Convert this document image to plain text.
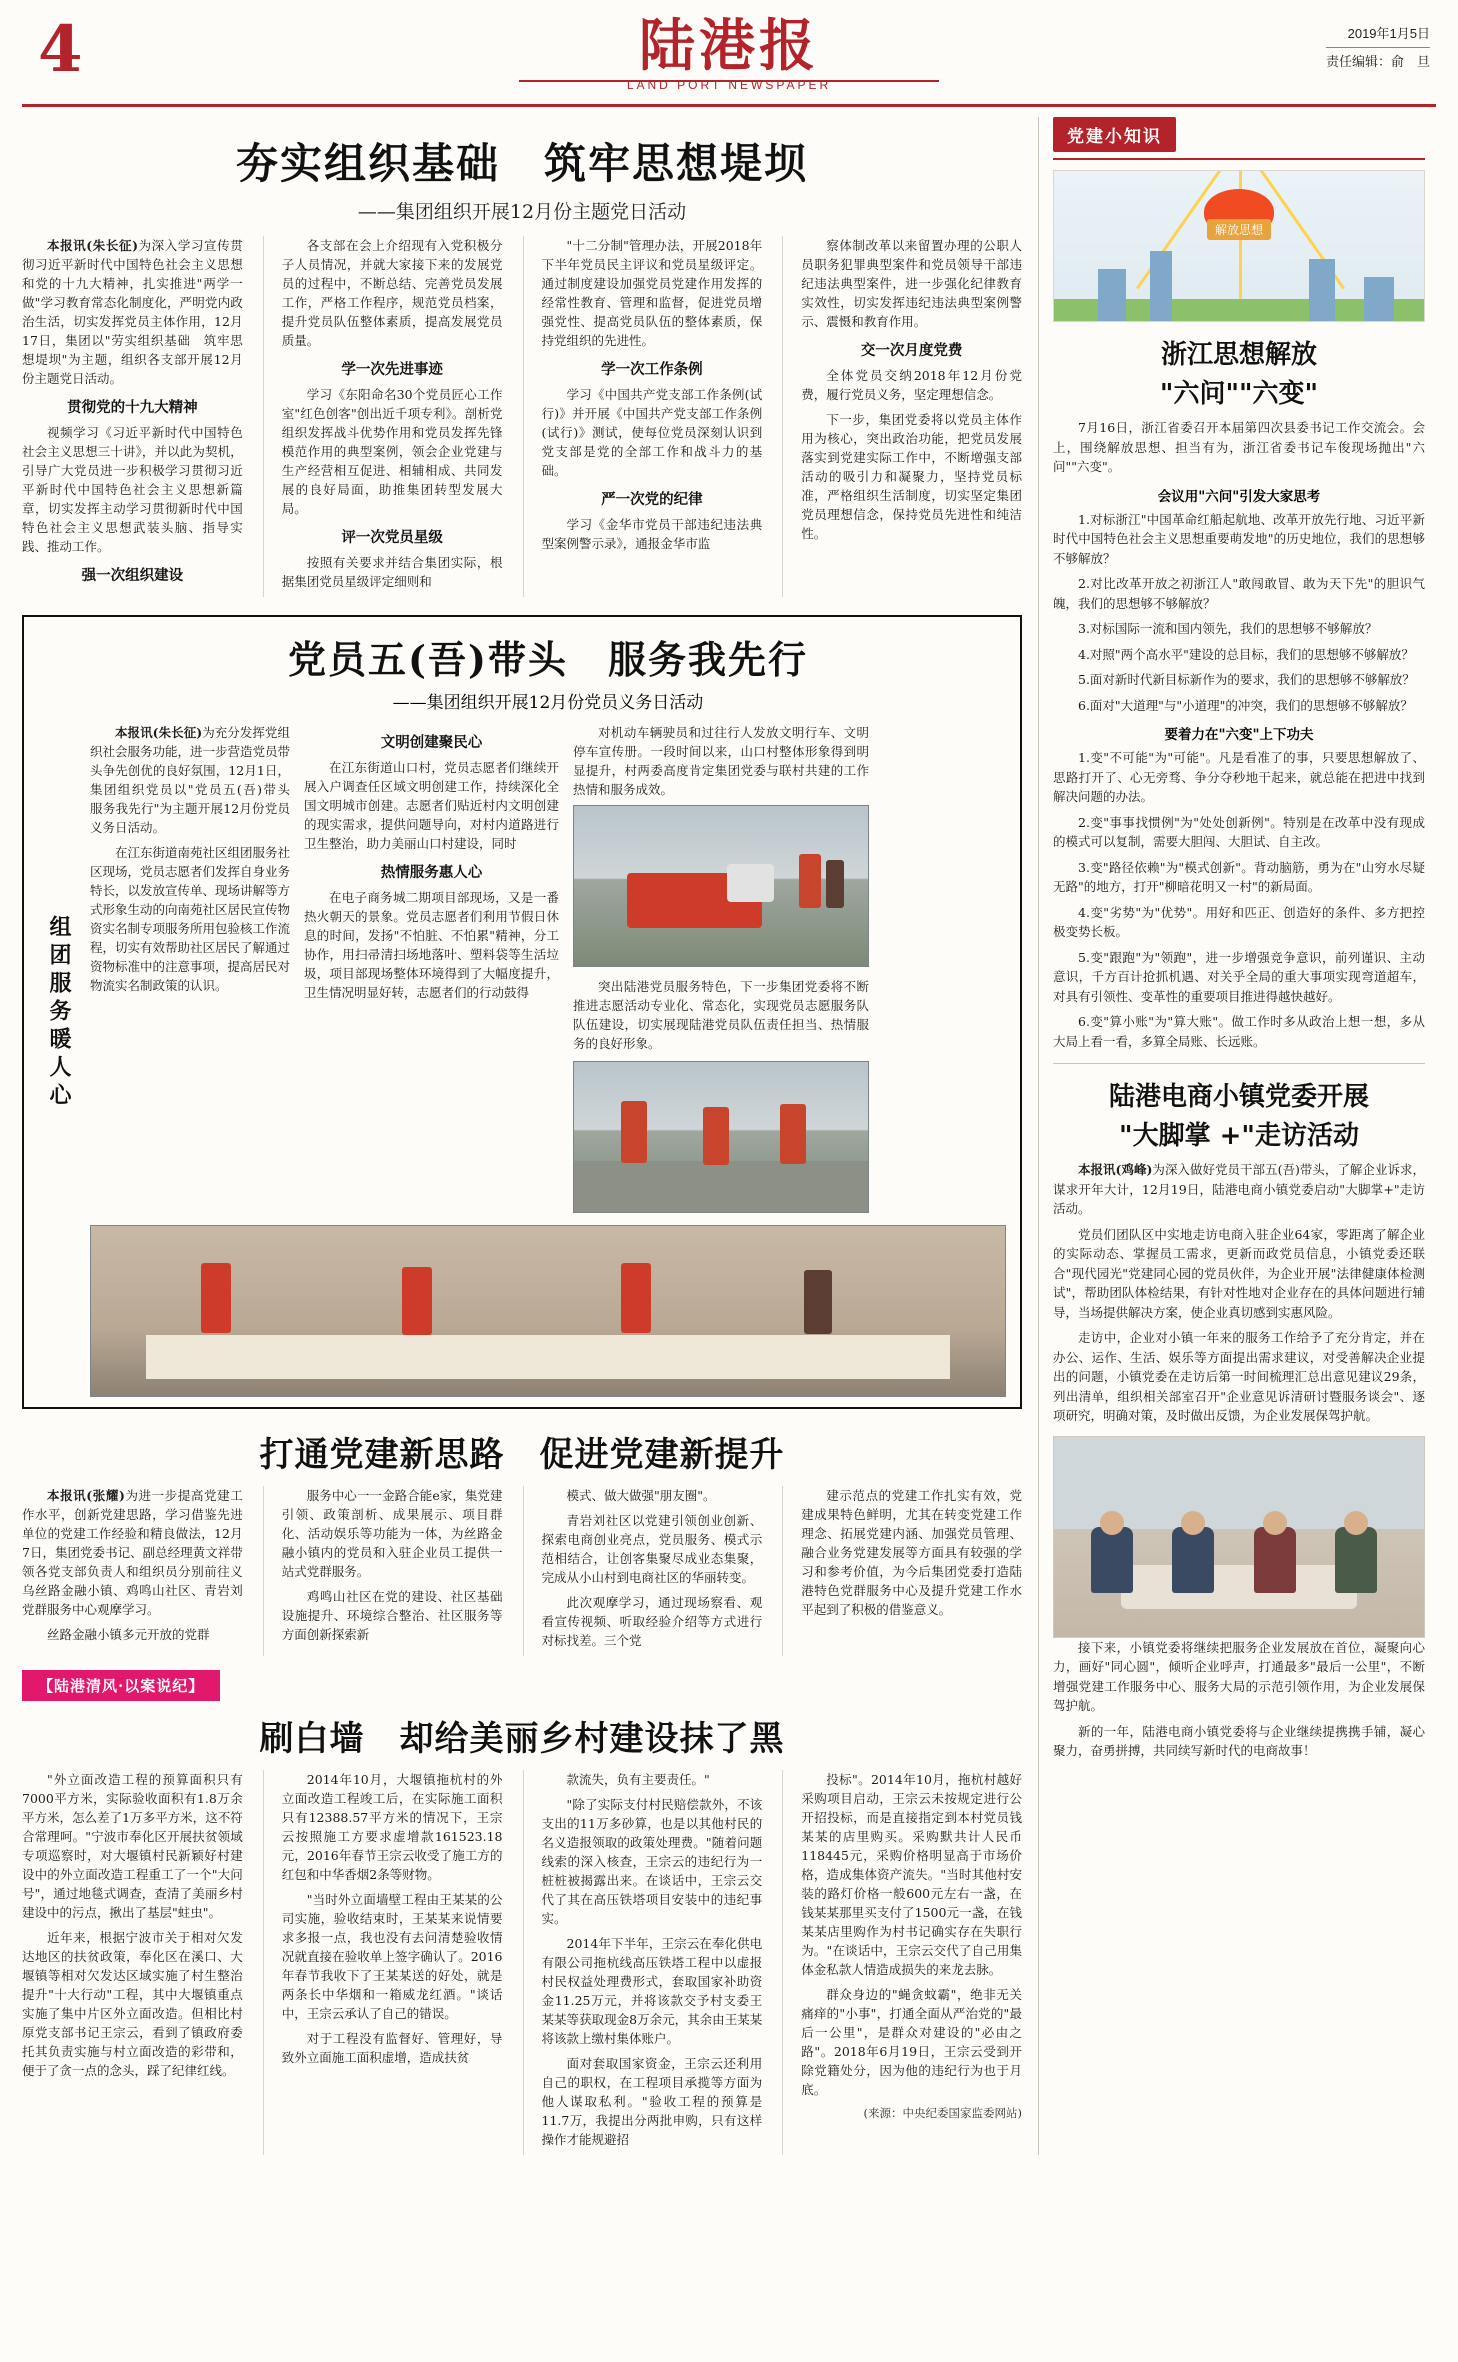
4	陆港报
LAND PORT NEWSPAPER
2019年1月5日
责任编辑：俞　旦
夯实组织基础　筑牢思想堤坝
——集团组织开展12月份主题党日活动

本报讯(朱长征)为深入学习宣传贯彻习近平新时代中国特色社会主义思想和党的十九大精神，扎实推进"两学一做"学习教育常态化制度化，严明党内政治生活，切实发挥党员主体作用，12月17日，集团以"劳实组织基础　筑牢思想堤坝"为主题，组织各支部开展12月份主题党日活动。

贯彻党的十九大精神

视频学习《习近平新时代中国特色社会主义思想三十讲》，并以此为契机，引导广大党员进一步积极学习贯彻习近平新时代中国特色社会主义思想新篇章，切实发挥主动学习贯彻新时代中国特色社会主义思想武装头脑、指导实践、推动工作。

强一次组织建设

各支部在会上介绍现有入党积极分子人员情况，并就大家接下来的发展党员的过程中，不断总结、完善党员发展工作，严格工作程序，规范党员档案，提升党员队伍整体素质，提高发展党员质量。

学一次先进事迹

学习《东阳命名30个党员匠心工作室"红色创客"创出近千项专利》。剖析党组织发挥战斗优势作用和党员发挥先锋模范作用的典型案例，领会企业党建与生产经营相互促进、相辅相成、共同发展的良好局面，助推集团转型发展大局。

评一次党员星级

按照有关要求并结合集团实际，根据集团党员星级评定细则和

"十二分制"管理办法，开展2018年下半年党员民主评议和党员星级评定。通过制度建设加强党员党建作用发挥的经常性教育、管理和监督，促进党员增强党性、提高党员队伍的整体素质，保持党组织的先进性。

学一次工作条例

学习《中国共产党支部工作条例(试行)》并开展《中国共产党支部工作条例(试行)》测试，使每位党员深刻认识到党支部是党的全部工作和战斗力的基础。

严一次党的纪律

学习《金华市党员干部违纪违法典型案例警示录》，通报金华市监

察体制改革以来留置办理的公职人员职务犯罪典型案件和党员领导干部违纪违法典型案件，进一步强化纪律教育实效性，切实发挥违纪违法典型案例警示、震慑和教育作用。

交一次月度党费

全体党员交纳2018年12月份党费，履行党员义务，坚定理想信念。

下一步，集团党委将以党员主体作用为核心，突出政治功能，把党员发展落实到党建实际工作中，不断增强支部活动的吸引力和凝聚力，坚持党员标准，严格组织生活制度，切实坚定集团党员理想信念，保持党员先进性和纯洁性。

组团服务暖人心
党员五(吾)带头　服务我先行
——集团组织开展12月份党员义务日活动

本报讯(朱长征)为充分发挥党组织社会服务功能，进一步营造党员带头争先创优的良好氛围，12月1日，集团组织党员以"党员五(吾)带头　服务我先行"为主题开展12月份党员义务日活动。

在江东街道南苑社区组团服务社区现场，党员志愿者们发挥自身业务特长，以发放宣传单、现场讲解等方式形象生动的向南苑社区居民宣传物资实名制专项服务所用包验核工作流程，切实有效帮助社区居民了解通过资物标准中的注意事项，提高居民对物流实名制政策的认识。

文明创建聚民心

在江东街道山口村，党员志愿者们继续开展入户调查任区域文明创建工作，持续深化全国文明城市创建。志愿者们贴近村内文明创建的现实需求，提供问题导向，对村内道路进行卫生整治，助力美丽山口村建设，同时

热情服务惠人心

在电子商务城二期项目部现场，又是一番热火朝天的景象。党员志愿者们利用节假日休息的时间，发扬"不怕脏、不怕累"精神，分工协作，用扫帚清扫场地落叶、塑料袋等生活垃圾，项目部现场整体环境得到了大幅度提升，卫生情况明显好转，志愿者们的行动鼓得

对机动车辆驶员和过往行人发放文明行车、文明停车宣传册。一段时间以来，山口村整体形象得到明显提升，村两委高度肯定集团党委与联村共建的工作热情和服务成效。

突出陆港党员服务特色，下一步集团党委将不断推进志愿活动专业化、常态化，实现党员志愿服务队队伍建设，切实展现陆港党员队伍责任担当、热情服务的良好形象。

打通党建新思路　促进党建新提升

本报讯(张耀)为进一步提高党建工作水平，创新党建思路，学习借鉴先进单位的党建工作经验和精良做法，12月7日，集团党委书记、副总经理黄文祥带领各党支部负责人和组织员分别前往义乌丝路金融小镇、鸡鸣山社区、青岩刘党群服务中心观摩学习。

丝路金融小镇多元开放的党群

服务中心一一金路合能e家，集党建引领、政策剖析、成果展示、项目群化、活动娱乐等功能为一体，为丝路金融小镇内的党员和入驻企业员工提供一站式党群服务。

鸡鸣山社区在党的建设、社区基础设施提升、环境综合整治、社区服务等方面创新探索新

模式、做大做强"朋友圈"。

青岩刘社区以党建引领创业创新、探索电商创业亮点，党员服务、模式示范相结合，让创客集聚尽成业态集聚，完成从小山村到电商社区的华丽转变。

此次观摩学习，通过现场察看、观看宣传视频、听取经验介绍等方式进行对标找差。三个党

建示范点的党建工作扎实有效，党建成果特色鲜明，尤其在转变党建工作理念、拓展党建内涵、加强党员管理、融合业务党建发展等方面具有较强的学习和参考价值，为今后集团党委打造陆港特色党群服务中心及提升党建工作水平起到了积极的借鉴意义。

【陆港清风·以案说纪】
刷白墙　却给美丽乡村建设抹了黑

"外立面改造工程的预算面积只有7000平方米，实际验收面积有1.8万余平方米，怎么差了1万多平方米，这不符合常理呵。"宁波市奉化区开展扶贫领域专项巡察时，对大堰镇村民新颖好村建设中的外立面改造工程重工了一个"大问号"，通过地毯式调查，查清了美丽乡村建设中的污点，揪出了基层"蛀虫"。

近年来，根据宁波市关于相对欠发达地区的扶贫政策，奉化区在溪口、大堰镇等相对欠发达区域实施了村生整治提升"十大行动"工程，其中大堰镇重点实施了集中片区外立面改造。但相比村原党支部书记王宗云，看到了镇政府委托其负责实施与村立面改造的彩带和，便于了贪一点的念头，踩了纪律红线。

2014年10月，大堰镇拖杭村的外立面改造工程竣工后，在实际施工面积只有12388.57平方米的情况下，王宗云按照施工方要求虚增款161523.18元，2016年春节王宗云收受了施工方的红包和中华香烟2条等财物。

"当时外立面墙壁工程由王某某的公司实施，验收结束时，王某某来说情要求多报一点，我也没有去问清楚验收情况就直接在验收单上签字确认了。2016年春节我收下了王某某送的好处，就是两条长中华烟和一箱威龙红酒。"谈话中，王宗云承认了自己的错误。

对于工程没有监督好、管理好，导致外立面施工面积虚增，造成扶贫

款流失，负有主要责任。"

"除了实际支付村民赔偿款外，不该支出的11万多砂算，也是以其他村民的名义造报领取的政策处理费。"随着问题线索的深入核查，王宗云的违纪行为一桩桩被揭露出来。在谈话中，王宗云交代了其在高压铁塔项目安装中的违纪事实。

2014年下半年，王宗云在奉化供电有限公司拖杭线高压铁塔工程中以虚报村民权益处理费形式，套取国家补助资金11.25万元，并将该款交予村支委王某某等获取现金8万余元，其余由王某某将该款上缴村集体账户。

面对套取国家资金，王宗云还利用自己的职权，在工程项目承揽等方面为他人谋取私利。"验收工程的预算是11.7万，我提出分两批申购，只有这样操作才能规避招

投标"。2014年10月，拖杭村越好采购项目启动，王宗云未按规定进行公开招投标，而是直接指定到本村党员钱某某的店里购买。采购默共计人民币118445元，采购价格明显高于市场价格，造成集体资产流失。"当时其他村安装的路灯价格一般600元左右一盏，在钱某某那里买支付了1500元一盏，在钱某某店里购作为村书记确实存在失职行为。"在谈话中，王宗云交代了自己用集体金私款人情造成损失的来龙去脉。

群众身边的"蝇贪蚊霸"，绝非无关痛痒的"小事"，打通全面从严治党的"最后一公里"，是群众对建设的"必由之路"。2018年6月19日，王宗云受到开除党籍处分，因为他的违纪行为也于月底。

(来源：中央纪委国家监委网站)
党建小知识
解放思想
浙江思想解放
"六问""六变"

7月16日，浙江省委召开本届第四次县委书记工作交流会。会上，围绕解放思想、担当有为，浙江省委书记车俊现场抛出"六问""六变"。

会议用"六问"引发大家思考

1.对标浙江"中国革命红船起航地、改革开放先行地、习近平新时代中国特色社会主义思想重要萌发地"的历史地位，我们的思想够不够解放？

2.对比改革开放之初浙江人"敢闯敢冒、敢为天下先"的胆识气魄，我们的思想够不够解放？

3.对标国际一流和国内领先，我们的思想够不够解放？

4.对照"两个高水平"建设的总目标，我们的思想够不够解放？

5.面对新时代新目标新作为的要求，我们的思想够不够解放？

6.面对"大道理"与"小道理"的冲突，我们的思想够不够解放？

要着力在"六变"上下功夫

1.变"不可能"为"可能"。凡是看准了的事，只要思想解放了、思路打开了、心无旁骛、争分夺秒地干起来，就总能在把进中找到解决问题的办法。

2.变"事事找惯例"为"处处创新例"。特别是在改革中没有现成的模式可以复制，需要大胆闯、大胆试、自主改。

3.变"路径依赖"为"模式创新"。背动脑筋，勇为在"山穷水尽疑无路"的地方，打开"柳暗花明又一村"的新局面。

4.变"劣势"为"优势"。用好和匹正、创造好的条件、多方把控极变势长板。

5.变"跟跑"为"领跑"，进一步增强竞争意识，前列谨识、主动意识，千方百计抢抓机遇、对关乎全局的重大事项实现弯道超车，对具有引领性、变革性的重要项目推进得越快越好。

6.变"算小账"为"算大账"。做工作时多从政治上想一想，多从大局上看一看，多算全局账、长远账。

陆港电商小镇党委开展
"大脚掌 +"走访活动

本报讯(鸡峰)为深入做好党员干部五(吾)带头，了解企业诉求，谋求开年大计，12月19日，陆港电商小镇党委启动"大脚掌+"走访活动。

党员们团队区中实地走访电商入驻企业64家，零距离了解企业的实际动态、掌握员工需求，更新而政党员信息，小镇党委还联合"现代园光"党建同心园的党员伙伴，为企业开展"法律健康体检测试"，帮助团队体检结果，有针对性地对企业存在的具体问题进行辅导，当场提供解决方案，使企业真切感到实惠风险。

走访中，企业对小镇一年来的服务工作给予了充分肯定，并在办公、运作、生活、娱乐等方面提出需求建议，对受善解决企业提出的问题，小镇党委在走访后第一时间梳理汇总出意见建议29条，列出清单，组织相关部室召开"企业意见诉清研讨暨服务谈会"、逐项研究，明确对策，及时做出反馈，为企业发展保驾护航。

接下来，小镇党委将继续把服务企业发展放在首位，凝聚向心力，画好"同心圆"，倾听企业呼声，打通最多"最后一公里"，不断增强党建工作服务中心、服务大局的示范引领作用，为企业发展保驾护航。

新的一年，陆港电商小镇党委将与企业继续提携携手铺，凝心聚力，奋勇拼搏，共同续写新时代的电商故事！
